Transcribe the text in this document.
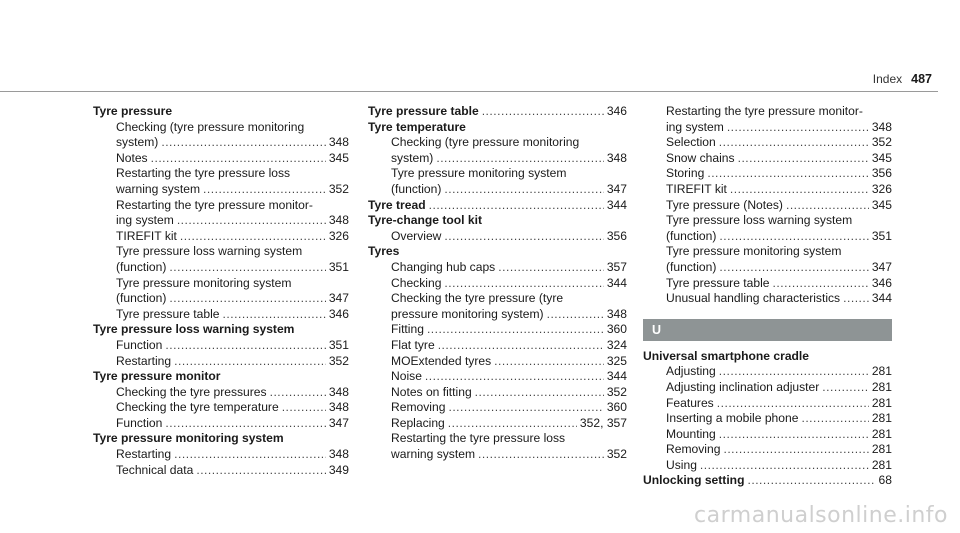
Index 487
Tyre pressure
Checking (tyre pressure monitoring
system) .....	348
Notes .....	345
Restarting the tyre pressure loss
warning system .....	352
Restarting the tyre pressure monitor-
ing system .....	348
TIREFIT kit .....	326
Tyre pressure loss warning system
(function) .....	351
Tyre pressure monitoring system
(function) .....	347
Tyre pressure table .....	346
Tyre pressure loss warning system
Function .....	351
Restarting .....	352
Tyre pressure monitor
Checking the tyre pressures .....	348
Checking the tyre temperature .....	348
Function .....	347
Tyre pressure monitoring system
Restarting .....	348
Technical data .....	349
Tyre pressure table .....	346
Tyre temperature
Checking (tyre pressure monitoring
system) .....	348
Tyre pressure monitoring system
(function) .....	347
Tyre tread .....	344
Tyre-change tool kit
Overview .....	356
Tyres
Changing hub caps .....	357
Checking .....	344
Checking the tyre pressure (tyre
pressure monitoring system) .....	348
Fitting .....	360
Flat tyre .....	324
MOExtended tyres .....	325
Noise .....	344
Notes on fitting .....	352
Removing .....	360
Replacing .....	352, 357
Restarting the tyre pressure loss
warning system .....	352
Restarting the tyre pressure monitor-
ing system .....	348
Selection .....	352
Snow chains .....	345
Storing .....	356
TIREFIT kit .....	326
Tyre pressure (Notes) .....	345
Tyre pressure loss warning system
(function) .....	351
Tyre pressure monitoring system
(function) .....	347
Tyre pressure table .....	346
Unusual handling characteristics .....	344
U
Universal smartphone cradle
Adjusting .....	281
Adjusting inclination adjuster .....	281
Features .....	281
Inserting a mobile phone .....	281
Mounting .....	281
Removing .....	281
Using .....	281
Unlocking setting .....	68
carmanualsonline.info
